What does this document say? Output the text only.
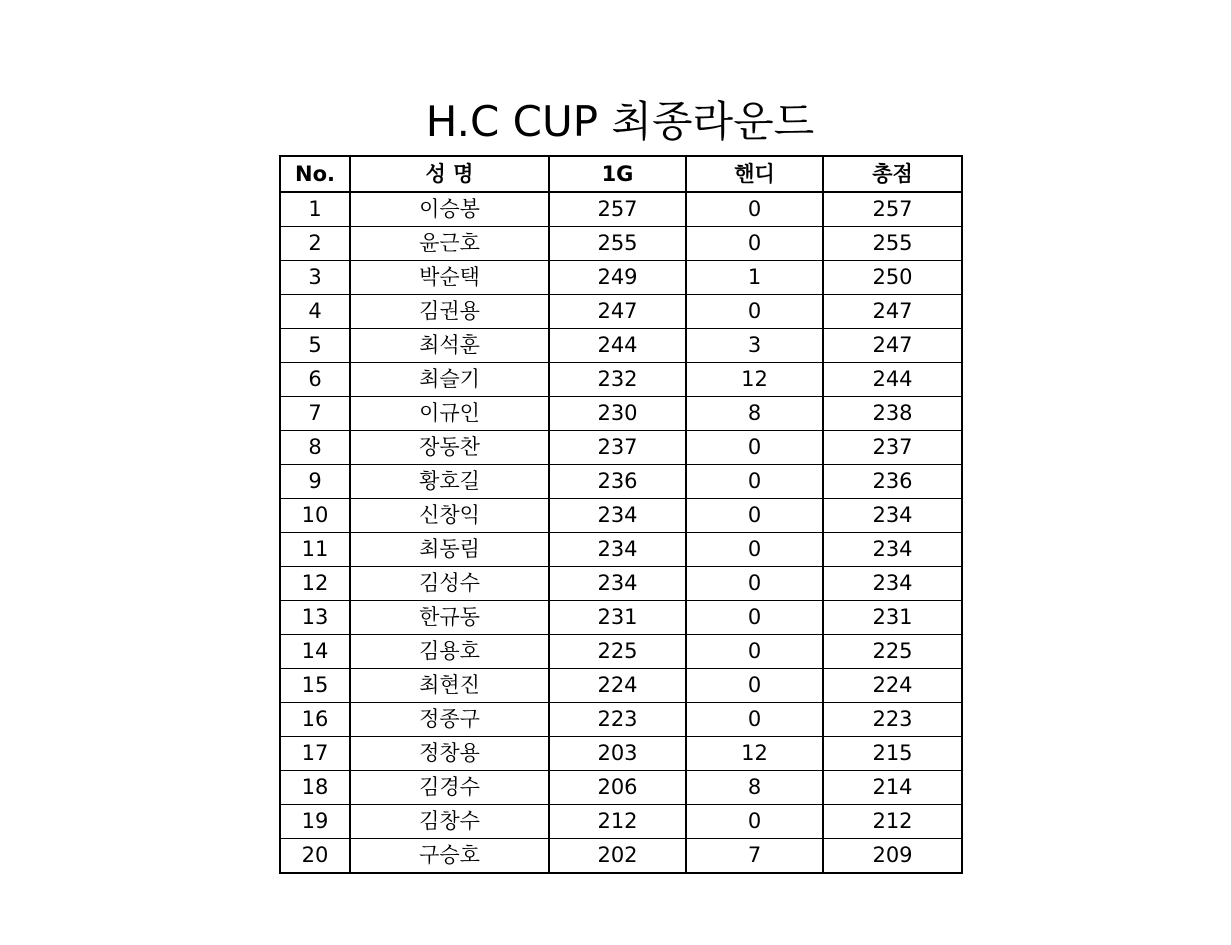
H.C CUP 최종라운드
No.	성 명	1G	핸디	총점
1	이승봉	257	0	257
2	윤근호	255	0	255
3	박순택	249	1	250
4	김권용	247	0	247
5	최석훈	244	3	247
6	최슬기	232	12	244
7	이규인	230	8	238
8	장동찬	237	0	237
9	황호길	236	0	236
10	신창익	234	0	234
11	최동림	234	0	234
12	김성수	234	0	234
13	한규동	231	0	231
14	김용호	225	0	225
15	최현진	224	0	224
16	정종구	223	0	223
17	정창용	203	12	215
18	김경수	206	8	214
19	김창수	212	0	212
20	구승호	202	7	209
